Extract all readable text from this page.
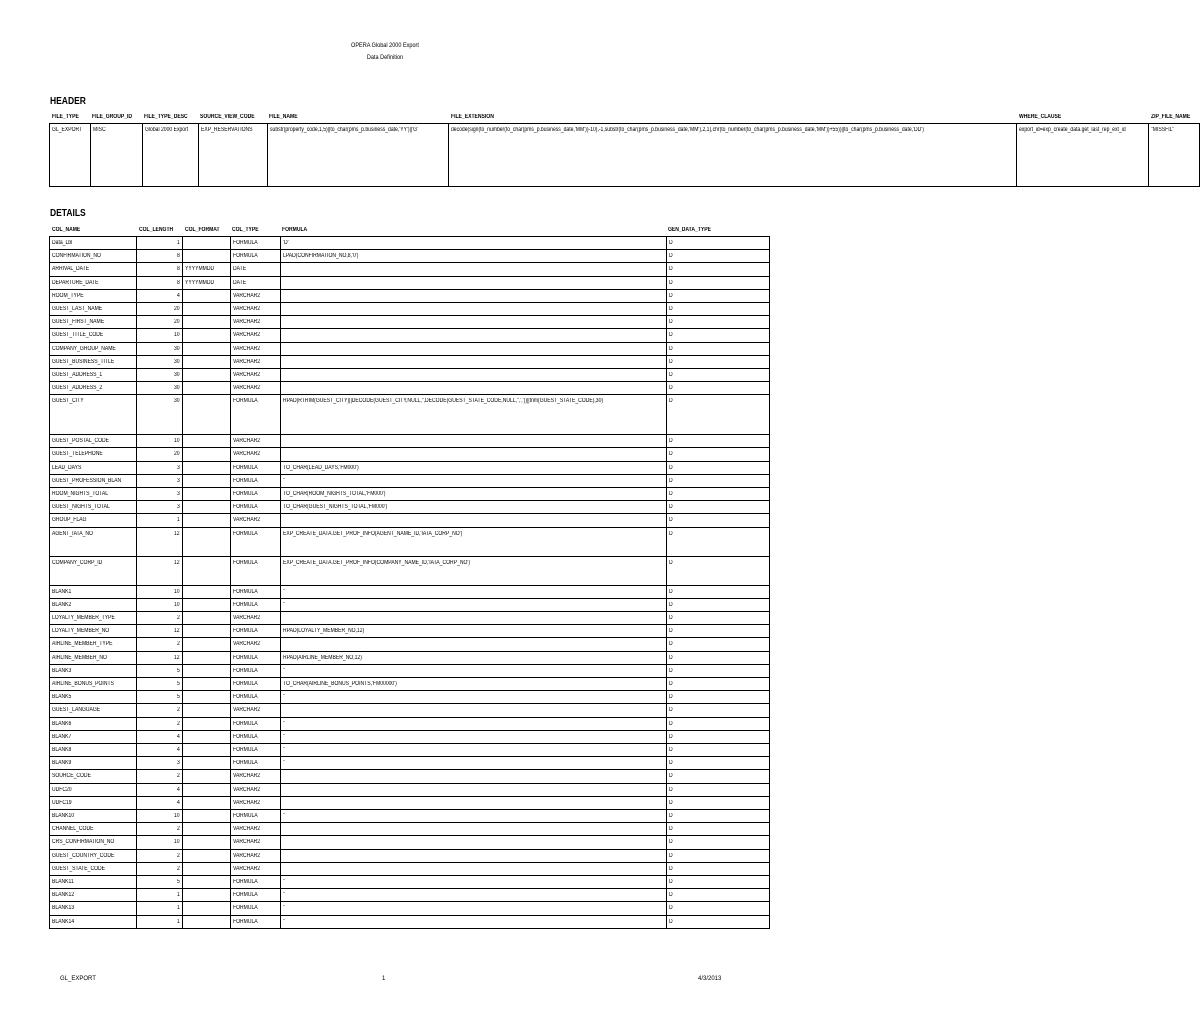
OPERA Global 2000 Export
Data Definition
HEADER
FILE_TYPE	FILE_GROUP_ID	FILE_TYPE_DESC	SOURCE_VIEW_CODE	FILE_NAME	FILE_EXTENSION	WHERE_CLAUSE	ZIP_FILE_NAME
GL_EXPORT	MISC	Global 2000 Export	EXP_RESERVATIONS	substr(property_code,1,5)||to_char(pms_p.business_date,'YY')||'G'	decode(sign(to_number(to_char(pms_p.business_date,'MM'))-10),-1,substr(to_char(pms_p.business_date,'MM'),2,1),chr(to_number(to_char(pms_p.business_date,'MM'))+55))||to_char(pms_p.business_date,'DD')	export_id=exp_create_data.get_last_rep_ext_id	"MISSFIL"
DETAILS
COL_NAME	COL_LENGTH	COL_FORMAT	COL_TYPE	FORMULA	GEN_DATA_TYPE
Data_Lbl	1		FORMULA	'D'	D
CONFIRMATION_NO	8		FORMULA	LPAD(CONFIRMATION_NO,8,'0')	D
ARRIVAL_DATE	8	YYYYMMDD	DATE		D
DEPARTURE_DATE	8	YYYYMMDD	DATE		D
ROOM_TYPE	4		VARCHAR2		D
GUEST_LAST_NAME	20		VARCHAR2		D
GUEST_FIRST_NAME	20		VARCHAR2		D
GUEST_TITLE_CODE	10		VARCHAR2		D
COMPANY_GROUP_NAME	30		VARCHAR2		D
GUEST_BUSINESS_TITLE	30		VARCHAR2		D
GUEST_ADDRESS_1	30		VARCHAR2		D
GUEST_ADDRESS_2	30		VARCHAR2		D
GUEST_CITY	30		FORMULA	RPAD(RTRIM(GUEST_CITY)||DECODE(GUEST_CITY,NULL,'',DECODE(GUEST_STATE_CODE,NULL,'',','))||trim(GUEST_STATE_CODE),30)	D
GUEST_POSTAL_CODE	10		VARCHAR2		D
GUEST_TELEPHONE	20		VARCHAR2		D
LEAD_DAYS	3		FORMULA	TO_CHAR(LEAD_DAYS,'FM000')	D
GUEST_PROFESSION_BLAN	3		FORMULA	''	D
ROOM_NIGHTS_TOTAL	3		FORMULA	TO_CHAR(ROOM_NIGHTS_TOTAL,'FM000')	D
GUEST_NIGHTS_TOTAL	3		FORMULA	TO_CHAR(GUEST_NIGHTS_TOTAL,'FM000')	D
GROUP_FLAG	1		VARCHAR2		D
AGENT_IATA_NO	12		FORMULA	EXP_CREATE_DATA.GET_PROF_INFO(AGENT_NAME_ID,'IATA_CORP_NO')	D
COMPANY_CORP_ID	12		FORMULA	EXP_CREATE_DATA.GET_PROF_INFO(COMPANY_NAME_ID,'IATA_CORP_NO')	D
BLANK1	10		FORMULA	''	D
BLANK2	10		FORMULA	''	D
LOYALTY_MEMBER_TYPE	2		VARCHAR2		D
LOYALTY_MEMBER_NO	12		FORMULA	RPAD(LOYALTY_MEMBER_NO,12)	D
AIRLINE_MEMBER_TYPE	2		VARCHAR2		D
AIRLINE_MEMBER_NO	12		FORMULA	RPAD(AIRLINE_MEMBER_NO,12)	D
BLANK3	5		FORMULA	''	D
AIRLINE_BONUS_POINTS	5		FORMULA	TO_CHAR(AIRLINE_BONUS_POINTS,'FM00000')	D
BLANK5	5		FORMULA	''	D
GUEST_LANGUAGE	2		VARCHAR2		D
BLANK6	2		FORMULA	''	D
BLANK7	4		FORMULA	''	D
BLANK8	4		FORMULA	''	D
BLANK9	3		FORMULA	''	D
SOURCE_CODE	2		VARCHAR2		D
UDFC20	4		VARCHAR2		D
UDFC19	4		VARCHAR2		D
BLANK10	10		FORMULA	''	D
CHANNEL_CODE	2		VARCHAR2		D
CRS_CONFIRMATION_NO	10		VARCHAR2		D
GUEST_COUNTRY_CODE	2		VARCHAR2		D
GUEST_STATE_CODE	2		VARCHAR2		D
BLANK11	5		FORMULA	''	D
BLANK12	1		FORMULA	''	D
BLANK13	1		FORMULA	''	D
BLANK14	1		FORMULA	''	D
GL_EXPORT	1	4/3/2013
